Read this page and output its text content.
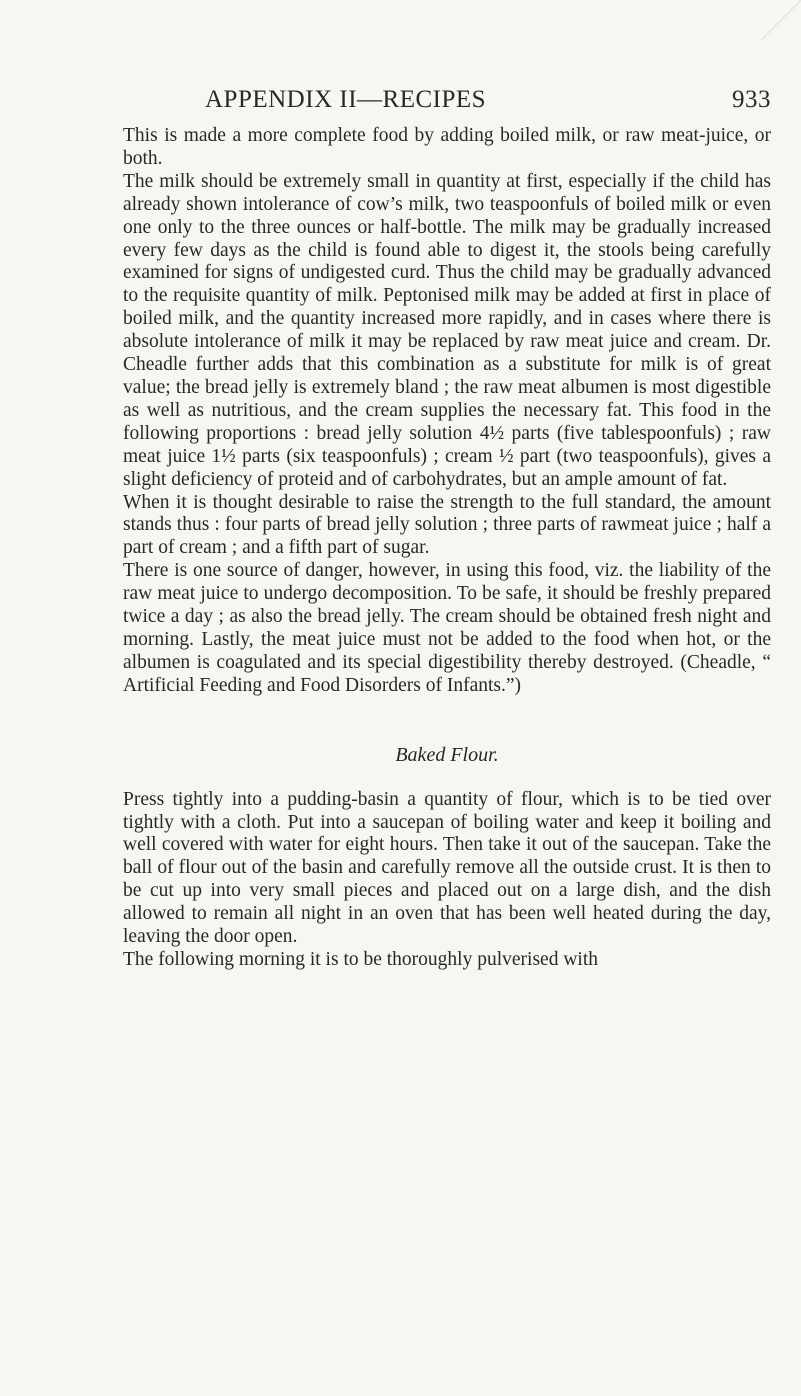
APPENDIX II—RECIPES	933

This is made a more complete food by adding boiled milk, or raw meat-juice, or both.

The milk should be extremely small in quantity at first, especially if the child has already shown intolerance of cow’s milk, two teaspoonfuls of boiled milk or even one only to the three ounces or half-bottle. The milk may be gradually increased every few days as the child is found able to digest it, the stools being carefully examined for signs of undigested curd. Thus the child may be gradually advanced to the requisite quantity of milk. Peptonised milk may be added at first in place of boiled milk, and the quantity increased more rapidly, and in cases where there is absolute intolerance of milk it may be replaced by raw meat juice and cream. Dr. Cheadle further adds that this combination as a substitute for milk is of great value; the bread jelly is extremely bland ; the raw meat albumen is most digestible as well as nutritious, and the cream supplies the necessary fat. This food in the following proportions : bread jelly solution 4½ parts (five tablespoonfuls) ; raw meat juice 1½ parts (six teaspoonfuls) ; cream ½ part (two teaspoonfuls), gives a slight deficiency of proteid and of carbohydrates, but an ample amount of fat.

When it is thought desirable to raise the strength to the full standard, the amount stands thus : four parts of bread jelly solution ; three parts of rawmeat juice ; half a part of cream ; and a fifth part of sugar.

There is one source of danger, however, in using this food, viz. the liability of the raw meat juice to undergo decomposition. To be safe, it should be freshly prepared twice a day ; as also the bread jelly. The cream should be obtained fresh night and morning. Lastly, the meat juice must not be added to the food when hot, or the albumen is coagulated and its special digestibility thereby destroyed. (Cheadle, “ Artificial Feeding and Food Disorders of Infants.”)

Baked Flour.

Press tightly into a pudding-basin a quantity of flour, which is to be tied over tightly with a cloth. Put into a saucepan of boiling water and keep it boiling and well covered with water for eight hours. Then take it out of the saucepan. Take the ball of flour out of the basin and carefully remove all the outside crust. It is then to be cut up into very small pieces and placed out on a large dish, and the dish allowed to remain all night in an oven that has been well heated during the day, leaving the door open.

The following morning it is to be thoroughly pulverised with
